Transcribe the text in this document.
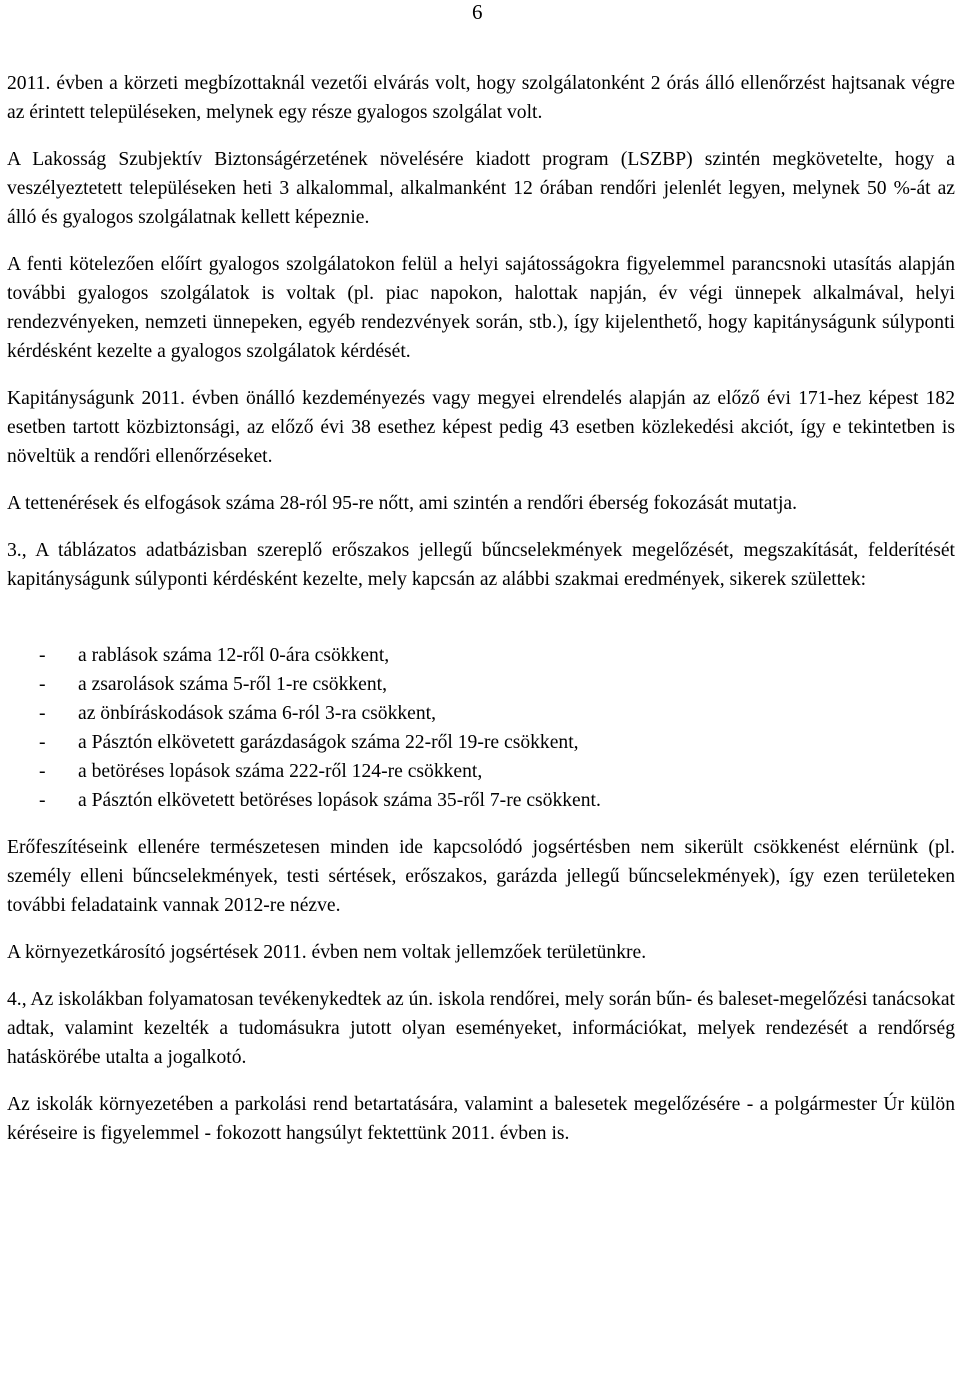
6

2011. évben a körzeti megbízottaknál vezetői elvárás volt, hogy szolgálatonként 2 órás álló ellenőrzést hajtsanak végre az érintett településeken, melynek egy része gyalogos szolgálat volt.

A Lakosság Szubjektív Biztonságérzetének növelésére kiadott program (LSZBP) szintén megkövetelte, hogy a veszélyeztetett településeken heti 3 alkalommal, alkalmanként 12 órában rendőri jelenlét legyen, melynek 50 %-át az álló és gyalogos szolgálatnak kellett képeznie.

A fenti kötelezően előírt gyalogos szolgálatokon felül a helyi sajátosságokra figyelemmel parancsnoki utasítás alapján további gyalogos szolgálatok is voltak (pl. piac napokon, halottak napján, év végi ünnepek alkalmával, helyi rendezvényeken, nemzeti ünnepeken, egyéb rendezvények során, stb.), így kijelenthető, hogy kapitányságunk súlyponti kérdésként kezelte a gyalogos szolgálatok kérdését.

Kapitányságunk 2011. évben önálló kezdeményezés vagy megyei elrendelés alapján az előző évi 171-hez képest 182 esetben tartott közbiztonsági, az előző évi 38 esethez képest pedig 43 esetben közlekedési akciót, így e tekintetben is növeltük a rendőri ellenőrzéseket.

A tettenérések és elfogások száma 28-ról 95-re nőtt, ami szintén a rendőri éberség fokozását mutatja.

3., A táblázatos adatbázisban szereplő erőszakos jellegű bűncselekmények megelőzését, megszakítását, felderítését kapitányságunk súlyponti kérdésként kezelte, mely kapcsán az alábbi szakmai eredmények, sikerek születtek:

- a rablások száma 12-ről 0-ára csökkent,
- a zsarolások száma 5-ről 1-re csökkent,
- az önbíráskodások száma 6-ról 3-ra csökkent,
- a Pásztón elkövetett garázdaságok száma 22-ről 19-re csökkent,
- a betöréses lopások száma 222-ről 124-re csökkent,
- a Pásztón elkövetett betöréses lopások száma 35-ről 7-re csökkent.

Erőfeszítéseink ellenére természetesen minden ide kapcsolódó jogsértésben nem sikerült csökkenést elérnünk (pl. személy elleni bűncselekmények, testi sértések, erőszakos, garázda jellegű bűncselekmények), így ezen területeken további feladataink vannak 2012-re nézve.

A környezetkárosító jogsértések 2011. évben nem voltak jellemzőek területünkre.

4., Az iskolákban folyamatosan tevékenykedtek az ún. iskola rendőrei, mely során bűn- és baleset-megelőzési tanácsokat adtak, valamint kezelték a tudomásukra jutott olyan eseményeket, információkat, melyek rendezését a rendőrség hatáskörébe utalta a jogalkotó.

Az iskolák környezetében a parkolási rend betartatására, valamint a balesetek megelőzésére - a polgármester Úr külön kéréseire is figyelemmel - fokozott hangsúlyt fektettünk 2011. évben is.
